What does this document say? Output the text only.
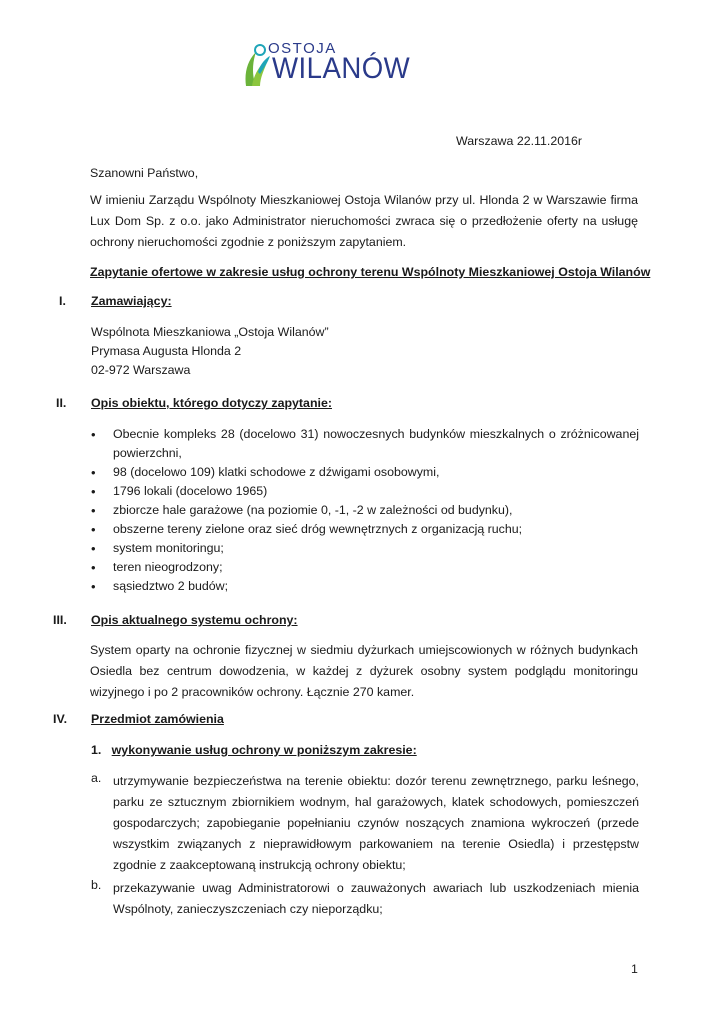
OSTOJA
WILANÓW
Warszawa 22.11.2016r
Szanowni Państwo,
W imieniu Zarządu Wspólnoty Mieszkaniowej Ostoja Wilanów przy ul. Hlonda 2 w Warszawie firma Lux Dom Sp. z o.o. jako Administrator nieruchomości zwraca się o przedłożenie oferty na usługę ochrony nieruchomości zgodnie z poniższym zapytaniem.
Zapytanie ofertowe w zakresie usług ochrony terenu Wspólnoty Mieszkaniowej Ostoja Wilanów
I. Zamawiający:
Wspólnota Mieszkaniowa „Ostoja Wilanów”
Prymasa Augusta Hlonda 2
02-972 Warszawa
II. Opis obiektu, którego dotyczy zapytanie:
• Obecnie kompleks 28 (docelowo 31) nowoczesnych budynków mieszkalnych o zróżnicowanej powierzchni,
• 98 (docelowo 109) klatki schodowe z dźwigami osobowymi,
• 1796 lokali (docelowo 1965)
• zbiorcze hale garażowe (na poziomie 0, -1, -2 w zależności od budynku),
• obszerne tereny zielone oraz sieć dróg wewnętrznych z organizacją ruchu;
• system monitoringu;
• teren nieogrodzony;
• sąsiedztwo 2 budów;
III. Opis aktualnego systemu ochrony:
System oparty na ochronie fizycznej w siedmiu dyżurkach umiejscowionych w różnych budynkach Osiedla bez centrum dowodzenia, w każdej z dyżurek osobny system podglądu monitoringu wizyjnego i po 2 pracowników ochrony. Łącznie 270 kamer.
IV. Przedmiot zamówienia
1. wykonywanie usług ochrony w poniższym zakresie:
a. utrzymywanie bezpieczeństwa na terenie obiektu: dozór terenu zewnętrznego, parku leśnego, parku ze sztucznym zbiornikiem wodnym, hal garażowych, klatek schodowych, pomieszczeń gospodarczych; zapobieganie popełnianiu czynów noszących znamiona wykroczeń (przede wszystkim związanych z nieprawidłowym parkowaniem na terenie Osiedla) i przestępstw zgodnie z zaakceptowaną instrukcją ochrony obiektu;
b. przekazywanie uwag Administratorowi o zauważonych awariach lub uszkodzeniach mienia Wspólnoty, zanieczyszczeniach czy nieporządku;
1
